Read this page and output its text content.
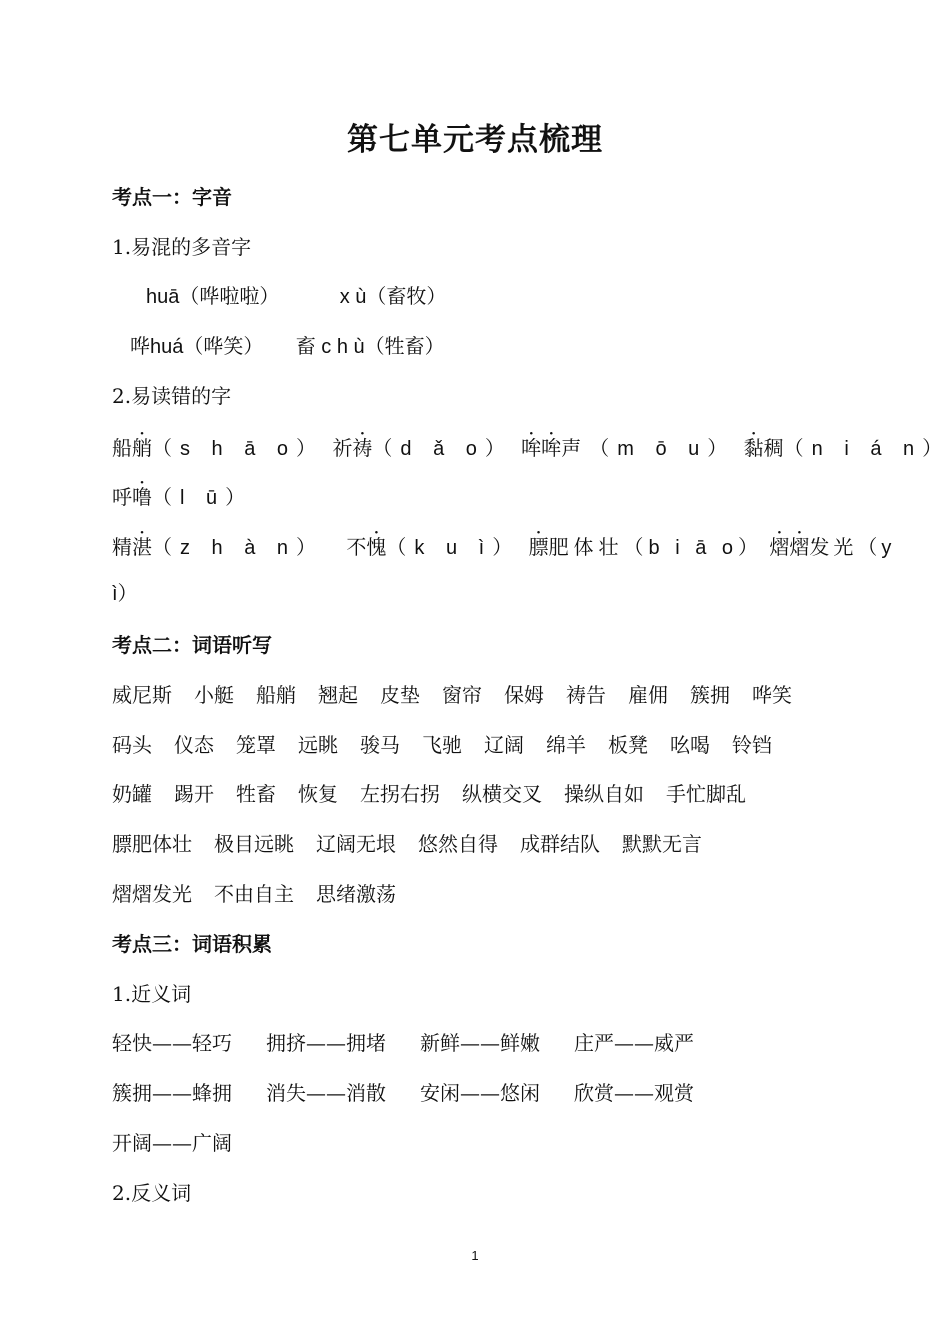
第七单元考点梳理
考点一：字音
1.易混的多音字
huā（哗啦啦）	x ù（畜牧）
哗huá（哗笑） 畜 c h ù（牲畜）
2.易读错的字
船艄（s h ā o） 祈祷（d ǎ o） 哞哞声（m ō u） 黏稠（n i á n）
呼噜（l ū）
精湛（z h à n） 不愧（k u ì） 膘肥体壮（b i ā o） 熠熠发光（y
ì）
考点二：词语听写
威尼斯 小艇 船艄 翘起 皮垫 窗帘 保姆 祷告 雇佣 簇拥 哗笑
码头 仪态 笼罩 远眺 骏马 飞驰 辽阔 绵羊 板凳 吆喝 铃铛
奶罐 踢开 牲畜 恢复 左拐右拐 纵横交叉 操纵自如 手忙脚乱
膘肥体壮 极目远眺 辽阔无垠 悠然自得 成群结队 默默无言
熠熠发光 不由自主 思绪激荡
考点三：词语积累
1.近义词
轻快——轻巧 拥挤——拥堵 新鲜——鲜嫩 庄严——威严
簇拥——蜂拥 消失——消散 安闲——悠闲 欣赏——观赏
开阔——广阔
2.反义词
1
